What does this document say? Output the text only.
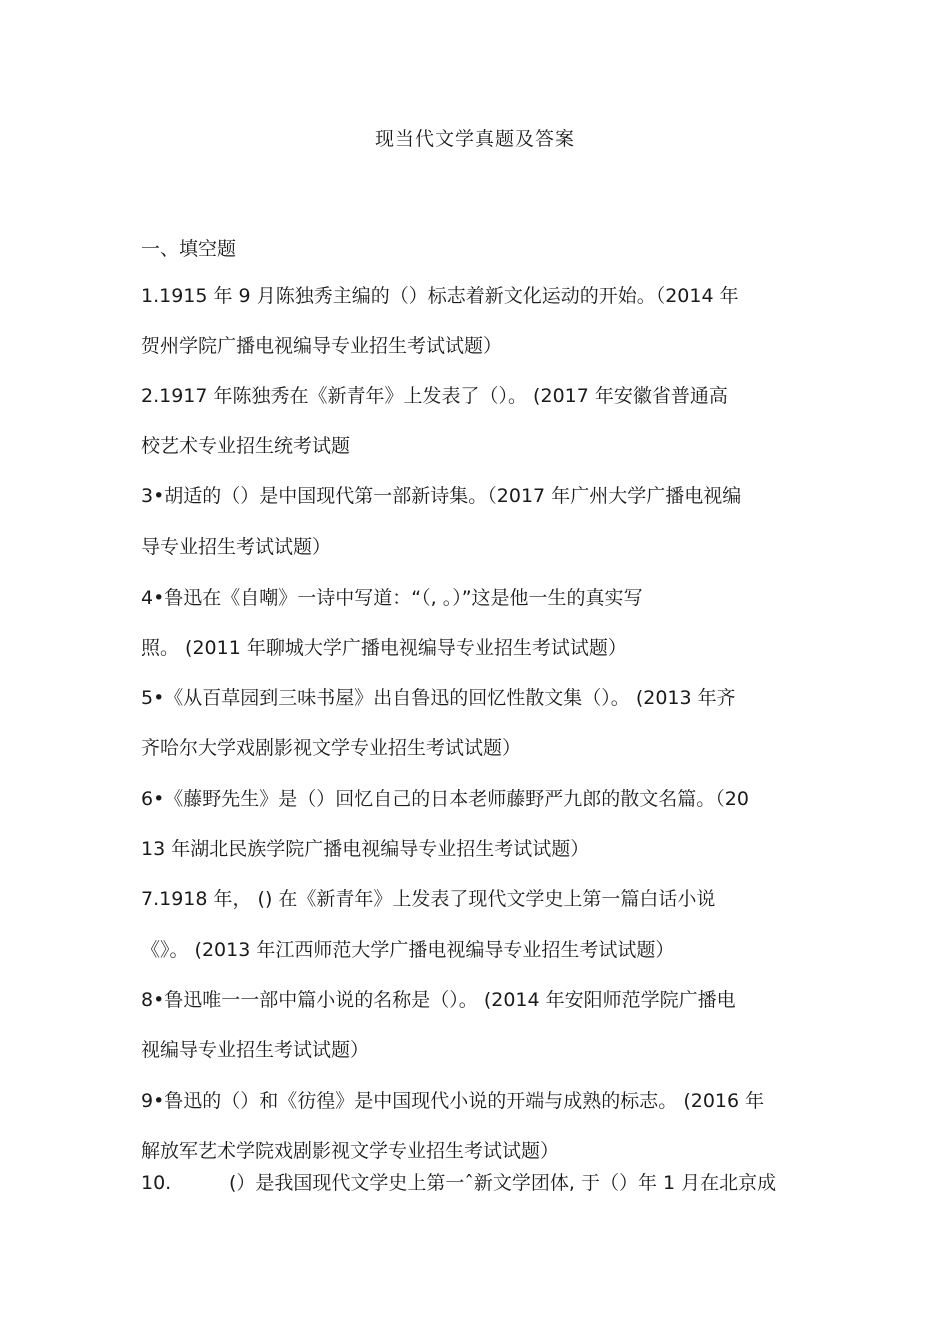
现当代文学真题及答案
一、填空题
1.1915 年 9 月陈独秀主编的（）标志着新文化运动的开始。（2014 年
贺州学院广播电视编导专业招生考试试题）
2.1917 年陈独秀在《新青年》上发表了（）。 (2017 年安徽省普通高
校艺术专业招生统考试题
3•胡适的（）是中国现代第一部新诗集。（2017 年广州大学广播电视编
导专业招生考试试题）
4•鲁迅在《自嘲》一诗中写道：“（, 。）”这是他一生的真实写
照。 (2011 年聊城大学广播电视编导专业招生考试试题）
5•《从百草园到三味书屋》出自鲁迅的回忆性散文集（）。 (2013 年齐
齐哈尔大学戏剧影视文学专业招生考试试题）
6•《藤野先生》是（）回忆自己的日本老师藤野严九郎的散文名篇。（20
13 年湖北民族学院广播电视编导专业招生考试试题）
7.1918 年， () 在《新青年》上发表了现代文学史上第一篇白话小说
《》。 (2013 年江西师范大学广播电视编导专业招生考试试题）
8•鲁迅唯一一部中篇小说的名称是（）。 (2014 年安阳师范学院广播电
视编导专业招生考试试题）
9•鲁迅的（）和《彷徨》是中国现代小说的开端与成熟的标志。 (2016 年
解放军艺术学院戏剧影视文学专业招生考试试题）
10.	(）是我国现代文学史上第一ˆ新文学团体, 于（）年 1 月在北京成
